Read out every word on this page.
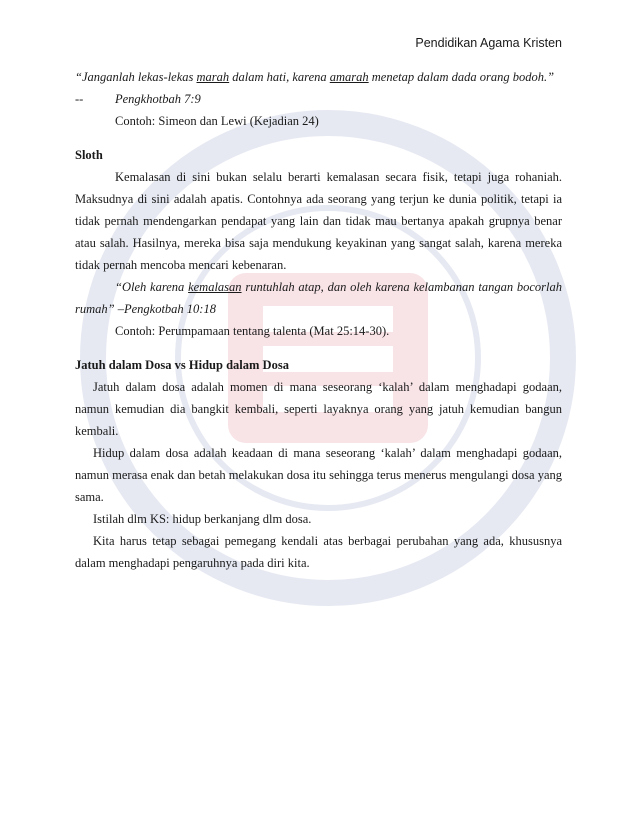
Pendidikan Agama Kristen

“Janganlah lekas-lekas marah dalam hati, karena amarah menetap dalam dada orang bodoh.”

--	Pengkhotbah 7:9

Contoh: Simeon dan Lewi (Kejadian 24)

Sloth

Kemalasan di sini bukan selalu berarti kemalasan secara fisik, tetapi juga rohaniah. Maksudnya di sini adalah apatis. Contohnya ada seorang yang terjun ke dunia politik, tetapi ia tidak pernah mendengarkan pendapat yang lain dan tidak mau bertanya apakah grupnya benar atau salah. Hasilnya, mereka bisa saja mendukung keyakinan yang sangat salah, karena mereka tidak pernah mencoba mencari kebenaran.

“Oleh karena kemalasan runtuhlah atap, dan oleh karena kelambanan tangan bocorlah rumah” –Pengkotbah 10:18

Contoh: Perumpamaan tentang talenta (Mat 25:14-30).

Jatuh dalam Dosa vs Hidup dalam Dosa

Jatuh dalam dosa adalah momen di mana seseorang ‘kalah’ dalam menghadapi godaan, namun kemudian dia bangkit kembali, seperti layaknya orang yang jatuh kemudian bangun kembali.

Hidup dalam dosa adalah keadaan di mana seseorang ‘kalah’ dalam menghadapi godaan, namun merasa enak dan betah melakukan dosa itu sehingga terus menerus mengulangi dosa yang sama.

Istilah dlm KS: hidup berkanjang dlm dosa.

Kita harus tetap sebagai pemegang kendali atas berbagai perubahan yang ada, khususnya dalam menghadapi pengaruhnya pada diri kita.
